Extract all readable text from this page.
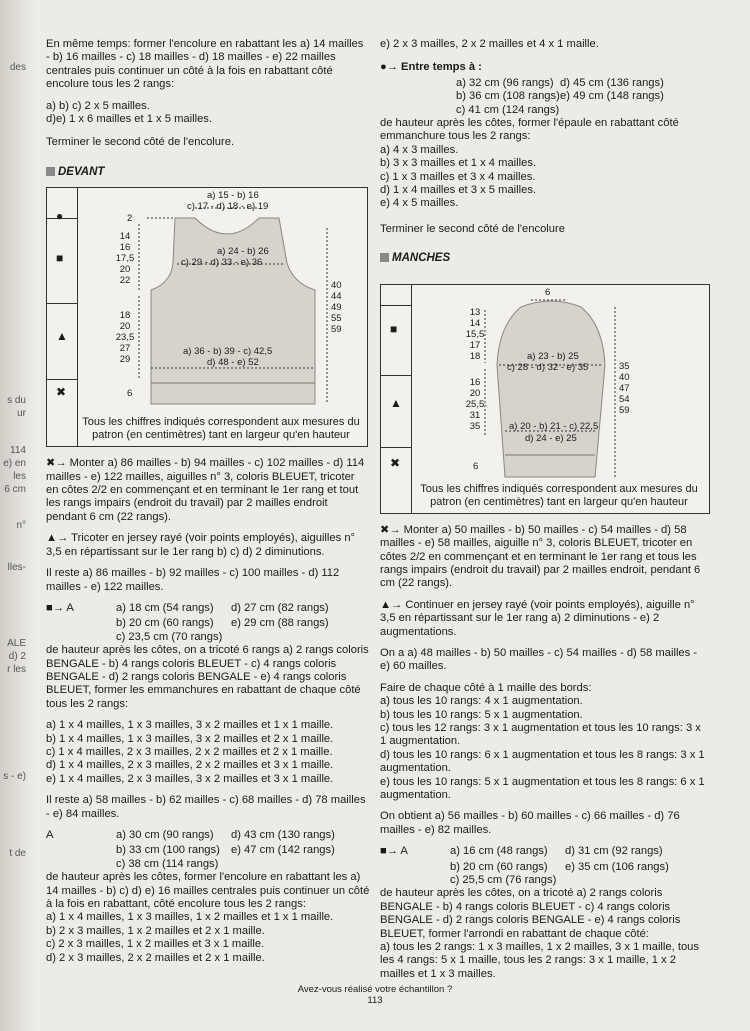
des
s du
ur
114
e) en
les
6 cm
n°
lles-
ALE
d) 2
r les
s - e)
t de

En même temps: former l'encolure en rabattant les a) 14 mailles - b) 16 mailles - c) 18 mailles - d) 18 mailles - e) 22 mailles centrales puis continuer un côté à la fois en rabattant côté encolure tous les 2 rangs:

a) b) c) 2 x 5 mailles.

d)e) 1 x 6 mailles et 1 x 5 mailles.

Terminer le second côté de l'encolure.

DEVANT
●
■
▲
✖
a) 15 - b) 16
c) 17 - d) 18 - e) 19
2
14
16
17,5
20
22
a) 24 - b) 26
c) 29 - d) 33 - e) 36
18
20
23,5
27
29
40
44
49
55
59
a) 36 - b) 39 - c) 42,5
d) 48 - e) 52
6
Tous les chiffres indiqués correspondent aux mesures du patron (en centimètres) tant en largeur qu'en hauteur

✖→ Monter a) 86 mailles - b) 94 mailles - c) 102 mailles - d) 114 mailles - e) 122 mailles, aiguilles n° 3, coloris BLEUET, tricoter en côtes 2/2 en commençant et en terminant le 1er rang et tout les rangs impairs (endroit du travail) par 2 mailles endroit pendant 6 cm (22 rangs).

▲→ Tricoter en jersey rayé (voir points employés), aiguilles n° 3,5 en répartissant sur le 1er rang b) c) d) 2 diminutions.

Il reste a) 86 mailles - b) 92 mailles - c) 100 mailles - d) 112 mailles - e) 122 mailles.

■→ A	a) 18 cm (54 rangs)	d) 27 cm (82 rangs)
b) 20 cm (60 rangs)	e) 29 cm (88 rangs)
c) 23,5 cm (70 rangs)

de hauteur après les côtes, on a tricoté 6 rangs a) 2 rangs coloris BENGALE - b) 4 rangs coloris BLEUET - c) 4 rangs coloris BENGALE - d) 2 rangs coloris BENGALE - e) 4 rangs coloris BLEUET, former les emmanchures en rabattant de chaque côté tous les 2 rangs:

a) 1 x 4 mailles, 1 x 3 mailles, 3 x 2 mailles et 1 x 1 maille.
b) 1 x 4 mailles, 1 x 3 mailles, 3 x 2 mailles et 2 x 1 maille.
c) 1 x 4 mailles, 2 x 3 mailles, 2 x 2 mailles et 2 x 1 maille.
d) 1 x 4 mailles, 2 x 3 mailles, 2 x 2 mailles et 3 x 1 maille.
e) 1 x 4 mailles, 2 x 3 mailles, 3 x 2 mailles et 3 x 1 maille.

Il reste a) 58 mailles - b) 62 mailles - c) 68 mailles - d) 78 mailles - e) 84 mailles.

A	a) 30 cm (90 rangs)	d) 43 cm (130 rangs)
b) 33 cm (100 rangs) e) 47 cm (142 rangs)
c) 38 cm (114 rangs)
de hauteur après les côtes, former l'encolure en rabattant les a) 14 mailles - b) c) d) e) 16 mailles centrales puis continuer un côté à la fois en rabattant, côté encolure tous les 2 rangs:
a) 1 x 4 mailles, 1 x 3 mailles, 1 x 2 mailles et 1 x 1 maille.
b) 2 x 3 mailles, 1 x 2 mailles et 2 x 1 maille.
c) 2 x 3 mailles, 1 x 2 mailles et 3 x 1 maille.
d) 2 x 3 mailles, 2 x 2 mailles et 2 x 1 maille.

e) 2 x 3 mailles, 2 x 2 mailles et 4 x 1 maille.

●→ Entre temps à :
a) 32 cm (96 rangs) d) 45 cm (136 rangs)
b) 36 cm (108 rangs) e) 49 cm (148 rangs)
c) 41 cm (124 rangs)
de hauteur après les côtes, former l'épaule en rabattant côté emmanchure tous les 2 rangs:
a) 4 x 3 mailles.
b) 3 x 3 mailles et 1 x 4 mailles.
c) 1 x 3 mailles et 3 x 4 mailles.
d) 1 x 4 mailles et 3 x 5 mailles.
e) 4 x 5 mailles.

Terminer le second côté de l'encolure

MANCHES
■
▲
✖
6
13
14
15,5
17
18	a) 23 - b) 25
c) 28 - d) 32 - e) 35
16
20
25,5
31
35
35
40
47
54
59
a) 20 - b) 21 - c) 22,5
d) 24 - e) 25
6
Tous les chiffres indiqués correspondent aux mesures du patron (en centimètres) tant en largeur qu'en hauteur

✖→ Monter a) 50 mailles - b) 50 mailles - c) 54 mailles - d) 58 mailles - e) 58 mailles, aiguille n° 3, coloris BLEUET, tricoter en côtes 2/2 en commençant et en terminant le 1er rang et tous les rangs impairs (endroit du travail) par 2 mailles endroit, pendant 6 cm (22 rangs).

▲→ Continuer en jersey rayé (voir points employés), aiguille n° 3,5 en répartissant sur le 1er rang a) 2 diminutions - e) 2 augmentations.

On a a) 48 mailles - b) 50 mailles - c) 54 mailles - d) 58 mailles - e) 60 mailles.

Faire de chaque côté à 1 maille des bords:
a) tous les 10 rangs: 4 x 1 augmentation.
b) tous les 10 rangs: 5 x 1 augmentation.
c) tous les 12 rangs: 3 x 1 augmentation et tous les 10 rangs: 3 x 1 augmentation.
d) tous les 10 rangs: 6 x 1 augmentation et tous les 8 rangs: 3 x 1 augmentation.
e) tous les 10 rangs: 5 x 1 augmentation et tous les 8 rangs: 6 x 1 augmentation.

On obtient a) 56 mailles - b) 60 mailles - c) 66 mailles - d) 76 mailles - e) 82 mailles.

■→ A	a) 16 cm (48 rangs)	d) 31 cm (92 rangs)
b) 20 cm (60 rangs)	e) 35 cm (106 rangs)
c) 25,5 cm (76 rangs)
de hauteur après les côtes, on a tricoté a) 2 rangs coloris BENGALE - b) 4 rangs coloris BLEUET - c) 4 rangs coloris BENGALE - d) 2 rangs coloris BENGALE - e) 4 rangs coloris BLEUET, former l'arrondi en rabattant de chaque côté:
a) tous les 2 rangs: 1 x 3 mailles, 1 x 2 mailles, 3 x 1 maille, tous les 4 rangs: 5 x 1 maille, tous les 2 rangs: 3 x 1 maille, 1 x 2 mailles et 1 x 3 mailles.
Avez-vous réalisé votre échantillon ?
113
